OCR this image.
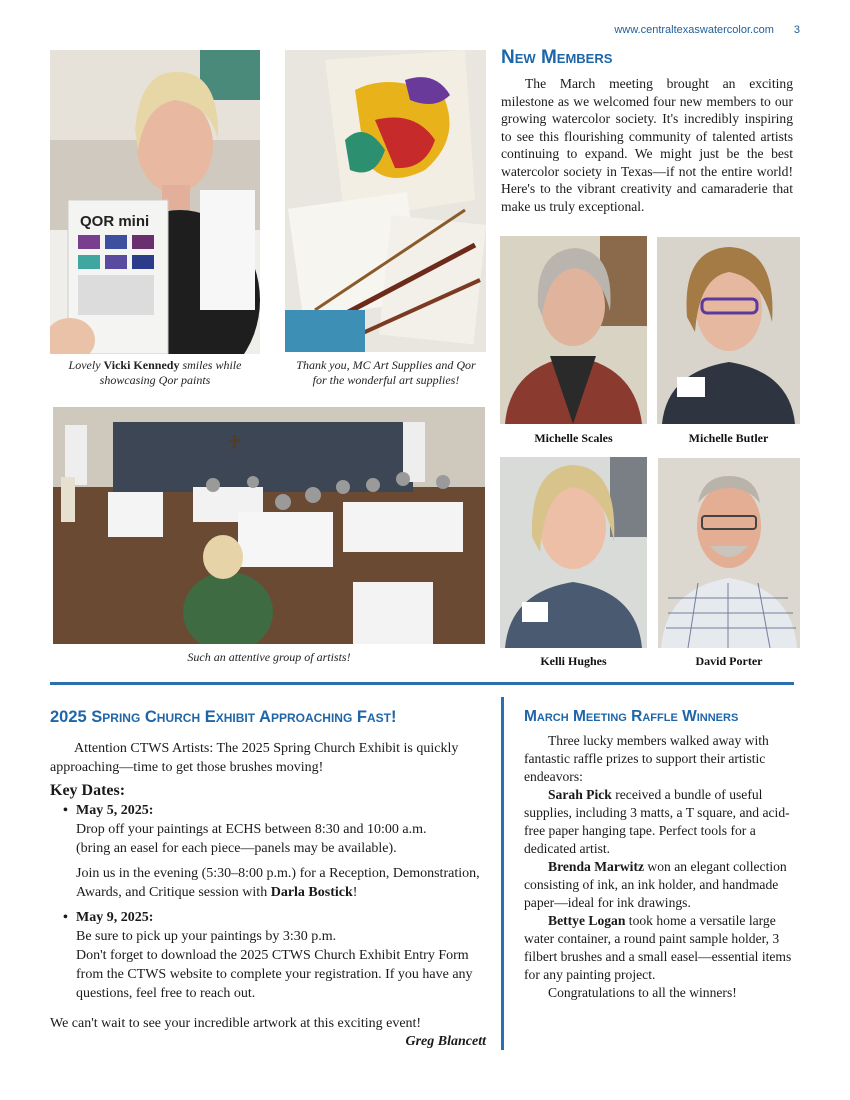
www.centraltexaswatercolor.com 3
QOR mini
Lovely Vicki Kennedy smiles while
showcasing Qor paints
Thank you, MC Art Supplies and Qor
for the wonderful art supplies!
New Members

The March meeting brought an exciting milestone as we welcomed four new members to our growing watercolor society. It's incredibly inspiring to see this flourishing community of talented artists continuing to expand. We might just be the best watercolor society in Texas—if not the entire world! Here's to the vibrant creativity and camaraderie that make us truly exceptional.

Michelle Scales	Michelle Butler
Kelli Hughes	David Porter
Such an attentive group of artists!
2025 Spring Church Exhibit Approaching Fast!

Attention CTWS Artists: The 2025 Spring Church Exhibit is quickly approaching—time to get those brushes moving!

Key Dates:
• May 5, 2025:
Drop off your paintings at ECHS between 8:30 and 10:00 a.m.
(bring an easel for each piece—panels may be available).

Join us in the evening (5:30–8:00 p.m.) for a Reception, Demonstration, Awards, and Critique session with Darla Bostick!

• May 9, 2025:
Be sure to pick up your paintings by 3:30 p.m.
Don't forget to download the 2025 CTWS Church Exhibit Entry Form from the CTWS website to complete your registration. If you have any questions, feel free to reach out.

We can't wait to see your incredible artwork at this exciting event!

Greg Blancett
March Meeting Raffle Winners

Three lucky members walked away with fantastic raffle prizes to support their artistic endeavors:

Sarah Pick received a bundle of useful supplies, including 3 matts, a T square, and acid-free paper hanging tape. Perfect tools for a dedicated artist.

Brenda Marwitz won an elegant collection consisting of ink, an ink holder, and handmade paper—ideal for ink drawings.

Bettye Logan took home a versatile large water container, a round paint sample holder, 3 filbert brushes and a small easel—essential items for any painting project.

Congratulations to all the winners!
